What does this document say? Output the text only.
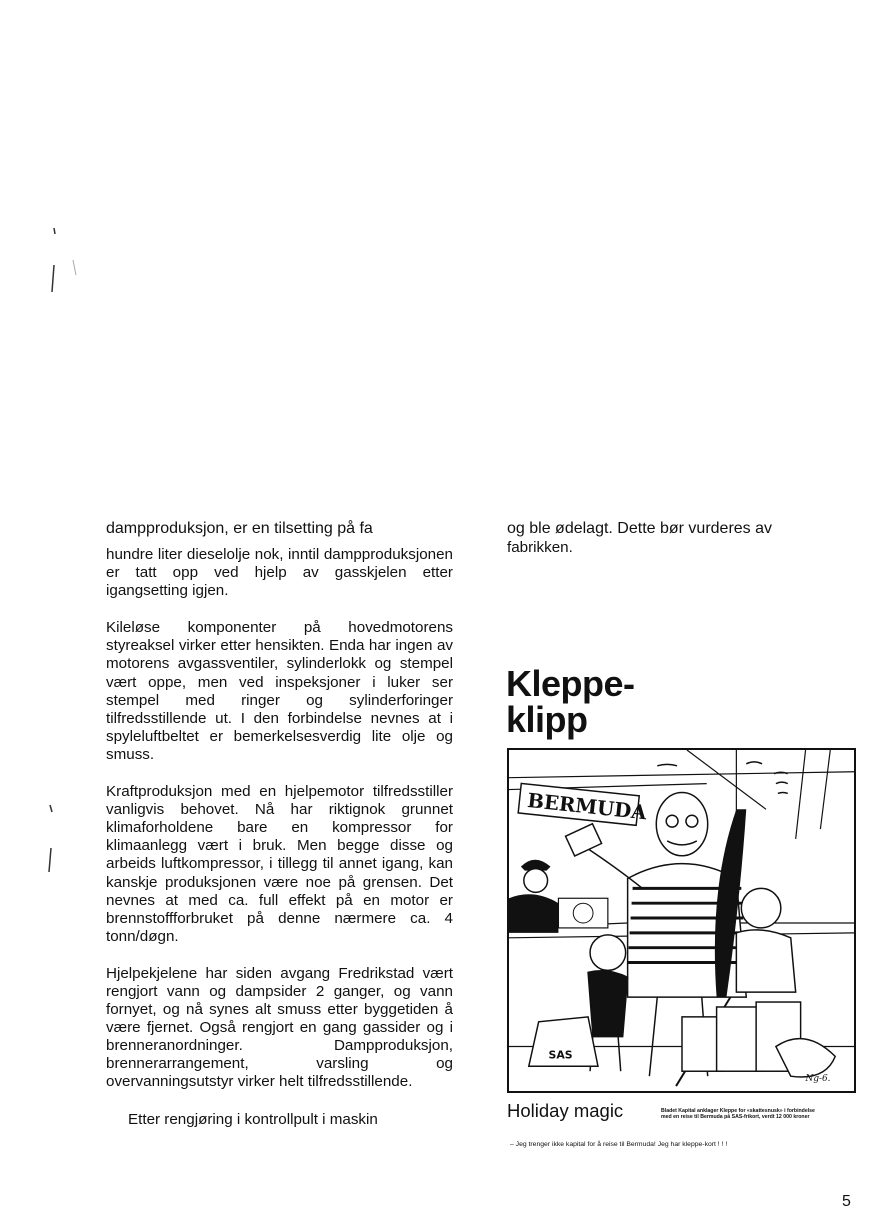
dampproduksjon, er en tilsetting på fa	og ble ødelagt. Dette bør vurderes av

hundre liter dieselolje nok, inntil dampproduksjonen er tatt opp ved hjelp av gasskjelen etter igangsetting igjen.

Kileløse komponenter på hovedmotorens styreaksel virker etter hensikten. Enda har ingen av motorens avgassventiler, sylinderlokk og stempel vært oppe, men ved inspeksjoner i luker ser stempel med ringer og sylinderforinger tilfredsstillende ut. I den forbindelse nevnes at i spyleluftbeltet er bemerkelsesverdig lite olje og smuss.

Kraftproduksjon med en hjelpemotor tilfredsstiller vanligvis behovet. Nå har riktignok grunnet klimaforholdene bare en kompressor for klimaanlegg vært i bruk. Men begge disse og arbeids luftkompressor, i tillegg til annet igang, kan kanskje produksjonen være noe på grensen. Det nevnes at med ca. full effekt på en motor er brennstoffforbruket på denne nærmere ca. 4 tonn/døgn.

Hjelpekjelene har siden avgang Fredrikstad vært rengjort vann og dampsider 2 ganger, og vann fornyet, og nå synes alt smuss etter byggetiden å være fjernet. Også rengjort en gang gassider og i brenneranordninger. Dampproduksjon, brennerarrangement, varsling og overvanningsutstyr virker helt tilfredsstillende.

Etter rengjøring i kontrollpult i maskin

fabrikken.
Kleppe-
klipp
BERMUDA
SAS
Ng-6.
Holiday magic	Bladet Kapital anklager Kleppe for «skattesnusk» i forbindelse med en reise til Bermuda på SAS-frikort, verdt 12 000 kroner
– Jeg trenger ikke kapital for å reise til Bermuda! Jeg har kleppe-kort ! ! !
5
